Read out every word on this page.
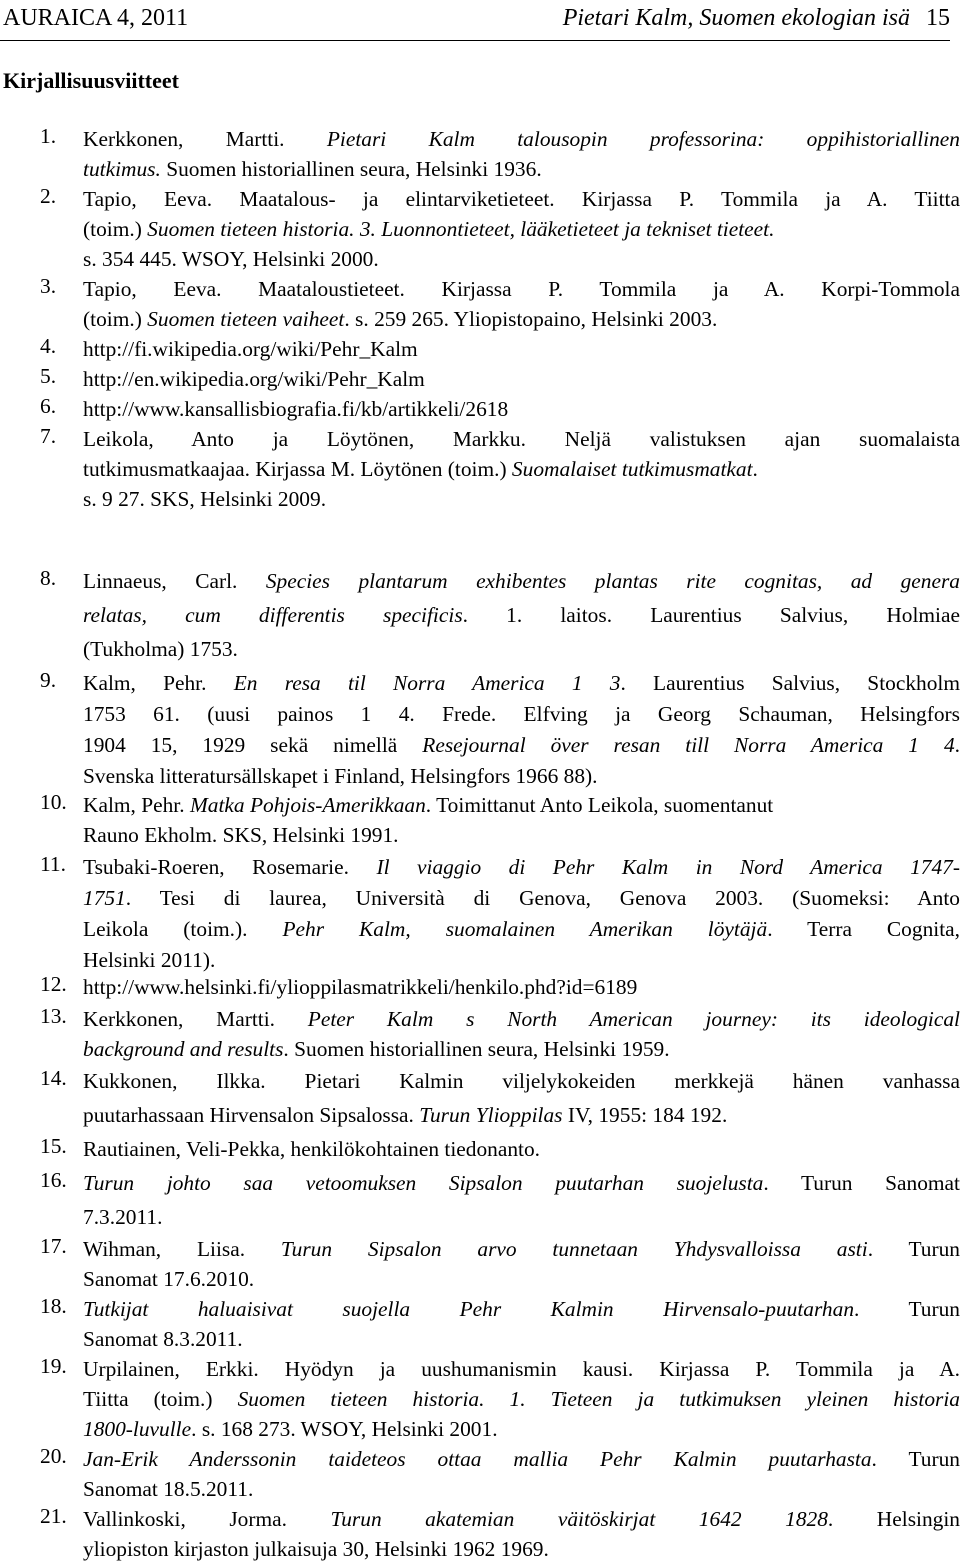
AURAICA 4, 2011	Pietari Kalm, Suomen ekologian isä 15
Kirjallisuusviitteet
1. Kerkkonen, Martti. Pietari Kalm talousopin professorina: oppihistoriallinen
tutkimus. Suomen historiallinen seura, Helsinki 1936.
2. Tapio, Eeva. Maatalous- ja elintarviketieteet. Kirjassa P. Tommila ja A. Tiitta
(toim.) Suomen tieteen historia. 3. Luonnontieteet, lääketieteet ja tekniset tieteet.
s. 354 445. WSOY, Helsinki 2000.
3. Tapio, Eeva. Maataloustieteet. Kirjassa P. Tommila ja A. Korpi-Tommola
(toim.) Suomen tieteen vaiheet. s. 259 265. Yliopistopaino, Helsinki 2003.
4. http://fi.wikipedia.org/wiki/Pehr_Kalm
5. http://en.wikipedia.org/wiki/Pehr_Kalm
6. http://www.kansallisbiografia.fi/kb/artikkeli/2618
7. Leikola, Anto ja Löytönen, Markku. Neljä valistuksen ajan suomalaista
tutkimusmatkaajaa. Kirjassa M. Löytönen (toim.) Suomalaiset tutkimusmatkat.
s. 9 27. SKS, Helsinki 2009.
8. Linnaeus, Carl. Species plantarum exhibentes plantas rite cognitas, ad genera
relatas, cum differentis specificis. 1. laitos. Laurentius Salvius, Holmiae
(Tukholma) 1753.
9. Kalm, Pehr. En resa til Norra America 1 3. Laurentius Salvius, Stockholm
1753 61. (uusi painos 1 4. Frede. Elfving ja Georg Schauman, Helsingfors
1904 15, 1929 sekä nimellä Resejournal över resan till Norra America 1 4.
Svenska litteratursällskapet i Finland, Helsingfors 1966 88).
10. Kalm, Pehr. Matka Pohjois-Amerikkaan. Toimittanut Anto Leikola, suomentanut
Rauno Ekholm. SKS, Helsinki 1991.
11. Tsubaki-Roeren, Rosemarie. Il viaggio di Pehr Kalm in Nord America 1747-
1751. Tesi di laurea, Università di Genova, Genova 2003. (Suomeksi: Anto
Leikola (toim.). Pehr Kalm, suomalainen Amerikan löytäjä. Terra Cognita,
Helsinki 2011).
12. http://www.helsinki.fi/ylioppilasmatrikkeli/henkilo.phd?id=6189
13. Kerkkonen, Martti. Peter Kalm s North American journey: its ideological
background and results. Suomen historiallinen seura, Helsinki 1959.
14. Kukkonen, Ilkka. Pietari Kalmin viljelykokeiden merkkejä hänen vanhassa
puutarhassaan Hirvensalon Sipsalossa. Turun Ylioppilas IV, 1955: 184 192.
15. Rautiainen, Veli-Pekka, henkilökohtainen tiedonanto.
16. Turun johto saa vetoomuksen Sipsalon puutarhan suojelusta. Turun Sanomat
7.3.2011.
17. Wihman, Liisa. Turun Sipsalon arvo tunnetaan Yhdysvalloissa asti. Turun
Sanomat 17.6.2010.
18. Tutkijat haluaisivat suojella Pehr Kalmin Hirvensalo-puutarhan. Turun
Sanomat 8.3.2011.
19. Urpilainen, Erkki. Hyödyn ja uushumanismin kausi. Kirjassa P. Tommila ja A.
Tiitta (toim.) Suomen tieteen historia. 1. Tieteen ja tutkimuksen yleinen historia
1800-luvulle. s. 168 273. WSOY, Helsinki 2001.
20. Jan-Erik Anderssonin taideteos ottaa mallia Pehr Kalmin puutarhasta. Turun
Sanomat 18.5.2011.
21. Vallinkoski, Jorma. Turun akatemian väitöskirjat 1642 1828. Helsingin
yliopiston kirjaston julkaisuja 30, Helsinki 1962 1969.
